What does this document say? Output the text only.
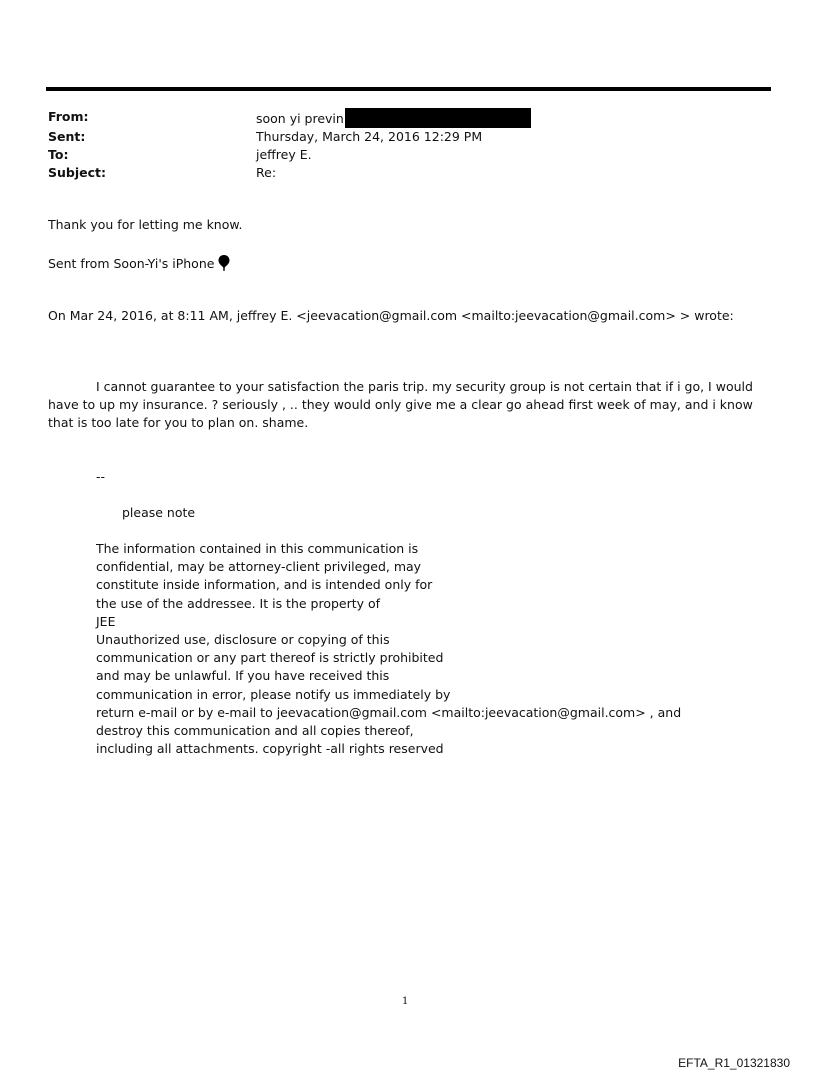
From:	soon yi previn
Sent:	Thursday, March 24, 2016 12:29 PM
To:	jeffrey E.
Subject:	Re:
Thank you for letting me know.
Sent from Soon-Yi's iPhone
On Mar 24, 2016, at 8:11 AM, jeffrey E. <jeevacation@gmail.com <mailto:jeevacation@gmail.com> > wrote:
I cannot guarantee to your satisfaction the paris trip. my security group is not certain that if i go, I would have to up my insurance. ? seriously , .. they would only give me a clear go ahead first week of may, and i know that is too late for you to plan on. shame.
--
please note
The information contained in this communication is
confidential, may be attorney-client privileged, may
constitute inside information, and is intended only for
the use of the addressee. It is the property of
JEE
Unauthorized use, disclosure or copying of this
communication or any part thereof is strictly prohibited
and may be unlawful. If you have received this
communication in error, please notify us immediately by
return e-mail or by e-mail to jeevacation@gmail.com <mailto:jeevacation@gmail.com> , and
destroy this communication and all copies thereof,
including all attachments. copyright -all rights reserved
1
EFTA_R1_01321830
